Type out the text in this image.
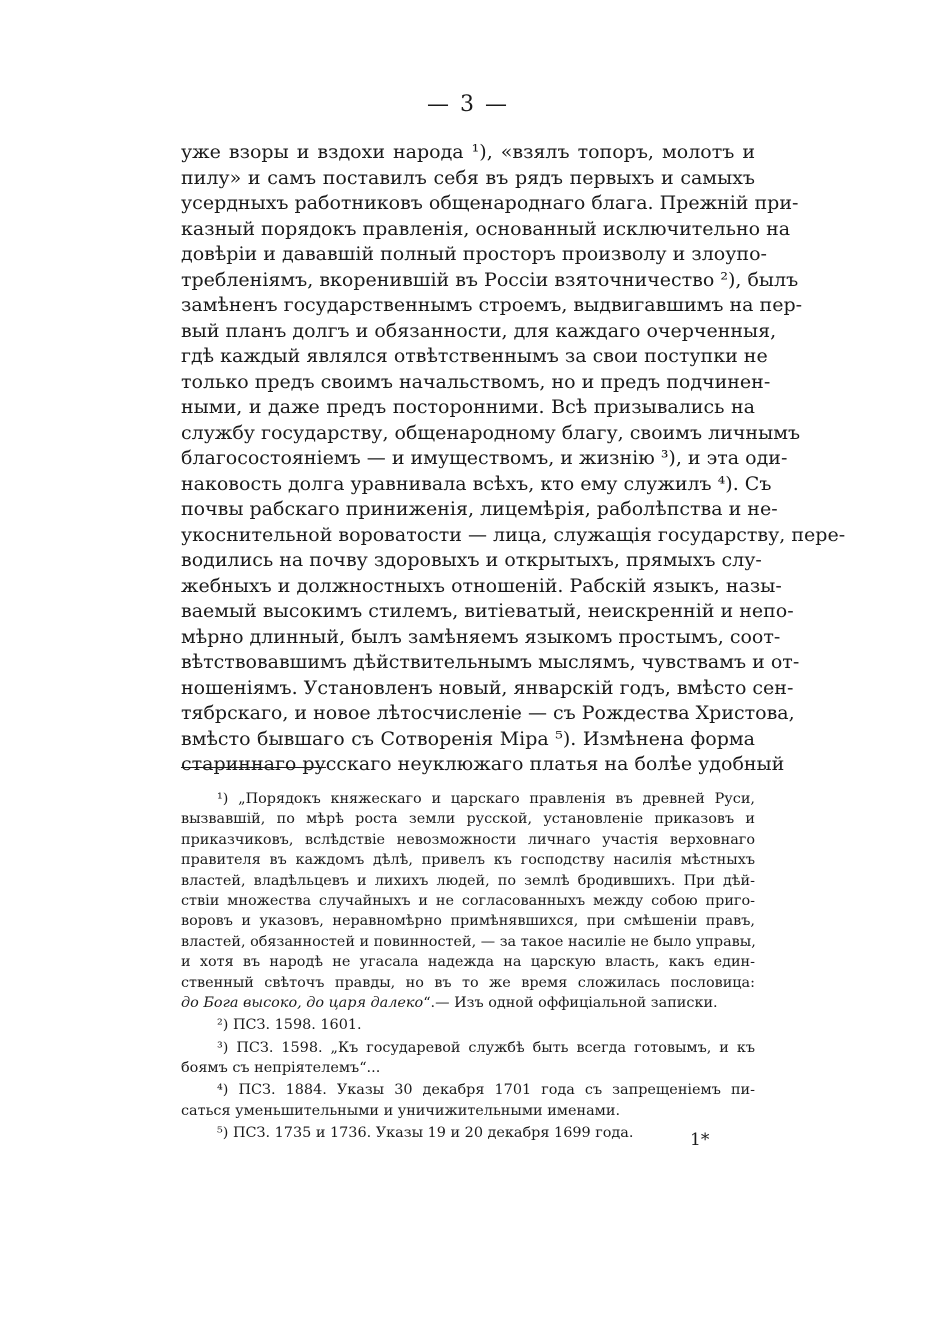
— 3 —
уже взоры и вздохи народа ¹), «взялъ топоръ, молотъ и
пилу» и самъ поставилъ себя въ рядъ первыхъ и самыхъ
усердныхъ работниковъ общенароднаго блага. Прежній при-
казный порядокъ правленія, основанный исключительно на
довѣріи и дававшій полный просторъ произволу и злоупо-
требленіямъ, вкоренившій въ Россіи взяточничество ²), былъ
замѣненъ государственнымъ строемъ, выдвигавшимъ на пер-
вый планъ долгъ и обязанности, для каждаго очерченныя,
гдѣ каждый являлся отвѣтственнымъ за свои поступки не
только предъ своимъ начальствомъ, но и предъ подчинен-
ными, и даже предъ посторонними. Всѣ призывались на
службу государству, общенародному благу, своимъ личнымъ
благосостояніемъ — и имуществомъ, и жизнію ³), и эта оди-
наковость долга уравнивала всѣхъ, кто ему служилъ ⁴). Съ
почвы рабскаго приниженія, лицемѣрія, раболѣпства и не-
укоснительной вороватости — лица, служащія государству, пере-
водились на почву здоровыхъ и открытыхъ, прямыхъ слу-
жебныхъ и должностныхъ отношеній. Рабскій языкъ, назы-
ваемый высокимъ стилемъ, витіеватый, неискренній и непо-
мѣрно длинный, былъ замѣняемъ языкомъ простымъ, соот-
вѣтствовавшимъ дѣйствительнымъ мыслямъ, чувствамъ и от-
ношеніямъ. Установленъ новый, январскій годъ, вмѣсто сен-
тябрскаго, и новое лѣтосчисленіе — съ Рождества Христова,
вмѣсто бывшаго съ Сотворенія Міра ⁵). Измѣнена форма
стариннаго русскаго неуклюжаго платья на болѣе удобный
¹) „Порядокъ княжескаго и царскаго правленія въ древней Руси,
вызвавшій, по мѣрѣ роста земли русской, установленіе приказовъ и
приказчиковъ, вслѣдствіе невозможности личнаго участія верховнаго
правителя въ каждомъ дѣлѣ, привелъ къ господству насилія мѣстныхъ
властей, владѣльцевъ и лихихъ людей, по землѣ бродившихъ. При дѣй-
ствіи множества случайныхъ и не согласованныхъ между собою приго-
воровъ и указовъ, неравномѣрно примѣнявшихся, при смѣшеніи правъ,
властей, обязанностей и повинностей, — за такое насиліе не было управы,
и хотя въ народѣ не угасала надежда на царскую власть, какъ един-
ственный свѣточъ правды, но въ то же время сложилась пословица:
до Бога высоко, до царя далеко“.— Изъ одной оффиціальной записки.
²) ПСЗ. 1598. 1601.
³) ПСЗ. 1598. „Къ государевой службѣ быть всегда готовымъ, и къ
боямъ съ непріятелемъ“...
⁴) ПСЗ. 1884. Указы 30 декабря 1701 года съ запрещеніемъ пи-
саться уменьшительными и уничижительными именами.
⁵) ПСЗ. 1735 и 1736. Указы 19 и 20 декабря 1699 года.	1*
